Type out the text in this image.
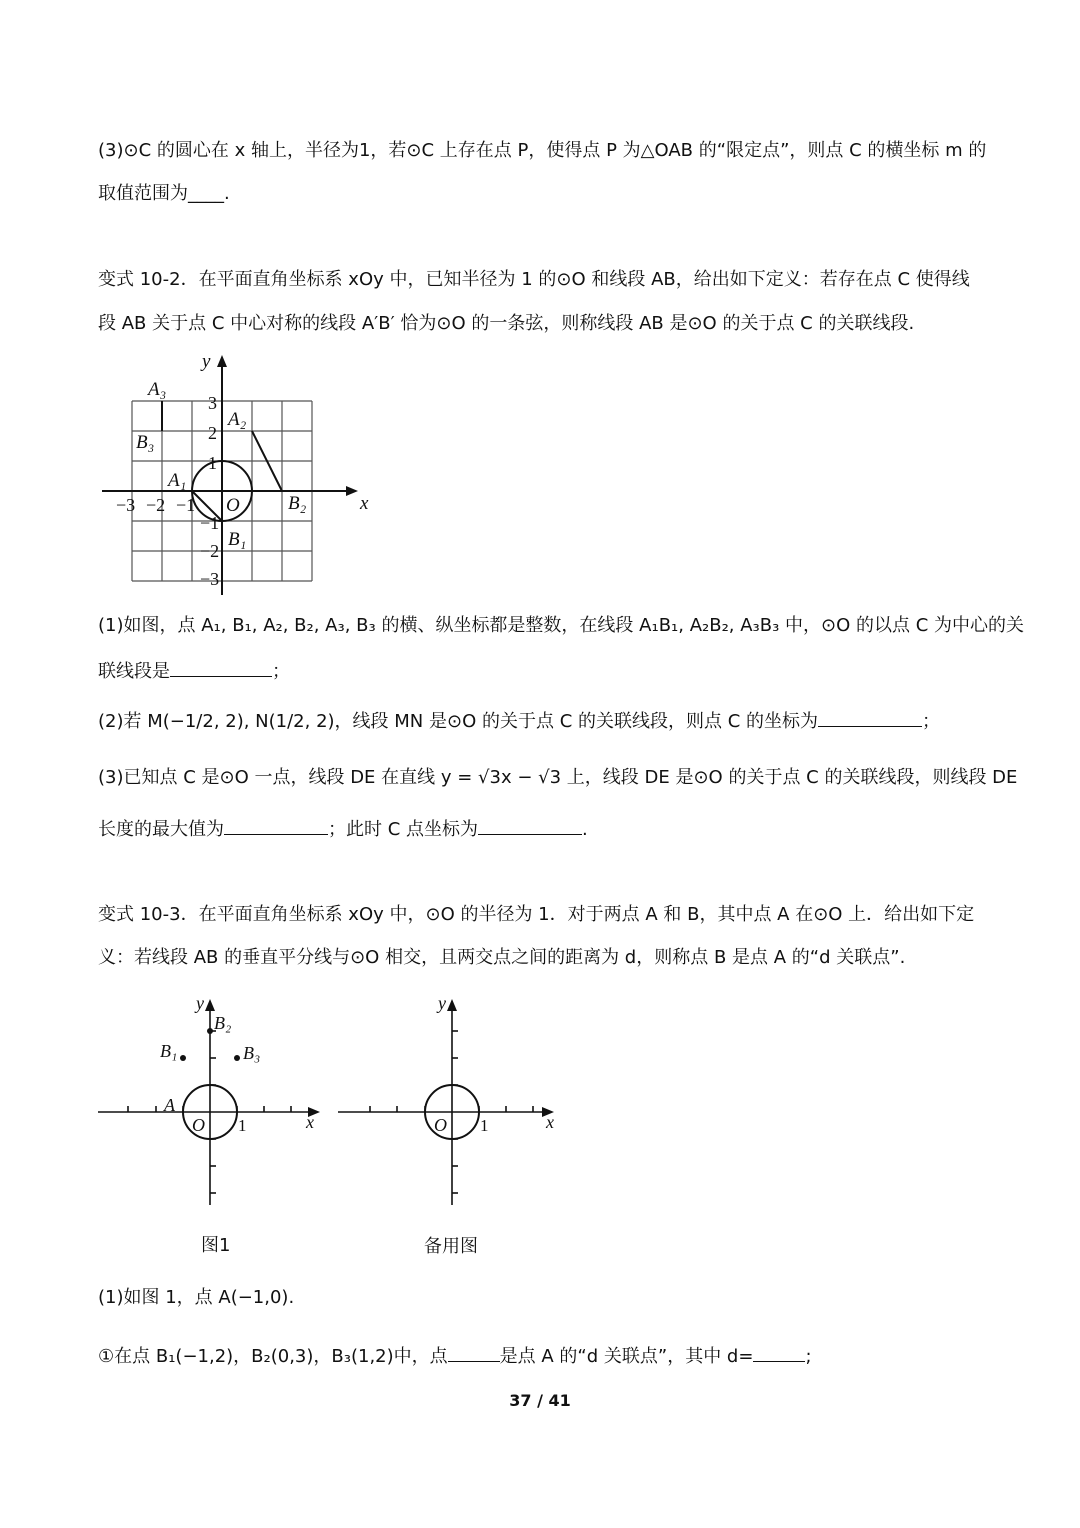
(3)⊙C 的圆心在 x 轴上，半径为1，若⊙C 上存在点 P，使得点 P 为△OAB 的“限定点”，则点 C 的横坐标 m 的
取值范围为____.
变式 10-2．在平面直角坐标系 xOy 中，已知半径为 1 的⊙O 和线段 AB，给出如下定义：若存在点 C 使得线
段 AB 关于点 C 中心对称的线段 A′B′ 恰为⊙O 的一条弦，则称线段 AB 是⊙O 的关于点 C 的关联线段.
x
y
O
A₃
B₃
A₂
B₂
A₁
B₁
−3 −2 −1
3
2
1
−1
−2
−3
(1)如图，点 A₁, B₁, A₂, B₂, A₃, B₃ 的横、纵坐标都是整数，在线段 A₁B₁, A₂B₂, A₃B₃ 中，⊙O 的以点 C 为中心的关
联线段是	；
(2)若 M(−1/2, 2), N(1/2, 2)，线段 MN 是⊙O 的关于点 C 的关联线段，则点 C 的坐标为	；
(3)已知点 C 是⊙O 一点，线段 DE 在直线 y = √3x − √3 上，线段 DE 是⊙O 的关于点 C 的关联线段，则线段 DE
长度的最大值为	；此时 C 点坐标为	.
变式 10-3．在平面直角坐标系 xOy 中，⊙O 的半径为 1．对于两点 A 和 B，其中点 A 在⊙O 上．给出如下定
义：若线段 AB 的垂直平分线与⊙O 相交，且两交点之间的距离为 d，则称点 B 是点 A 的“d 关联点”.
y
x
O
A
B₂
B₁	B₃
1
图1
y
x
O 1
备用图
(1)如图 1，点 A(−1,0).
①在点 B₁(−1,2)，B₂(0,3)，B₃(1,2)中，点	是点 A 的“d 关联点”，其中 d=	;
37 / 41
